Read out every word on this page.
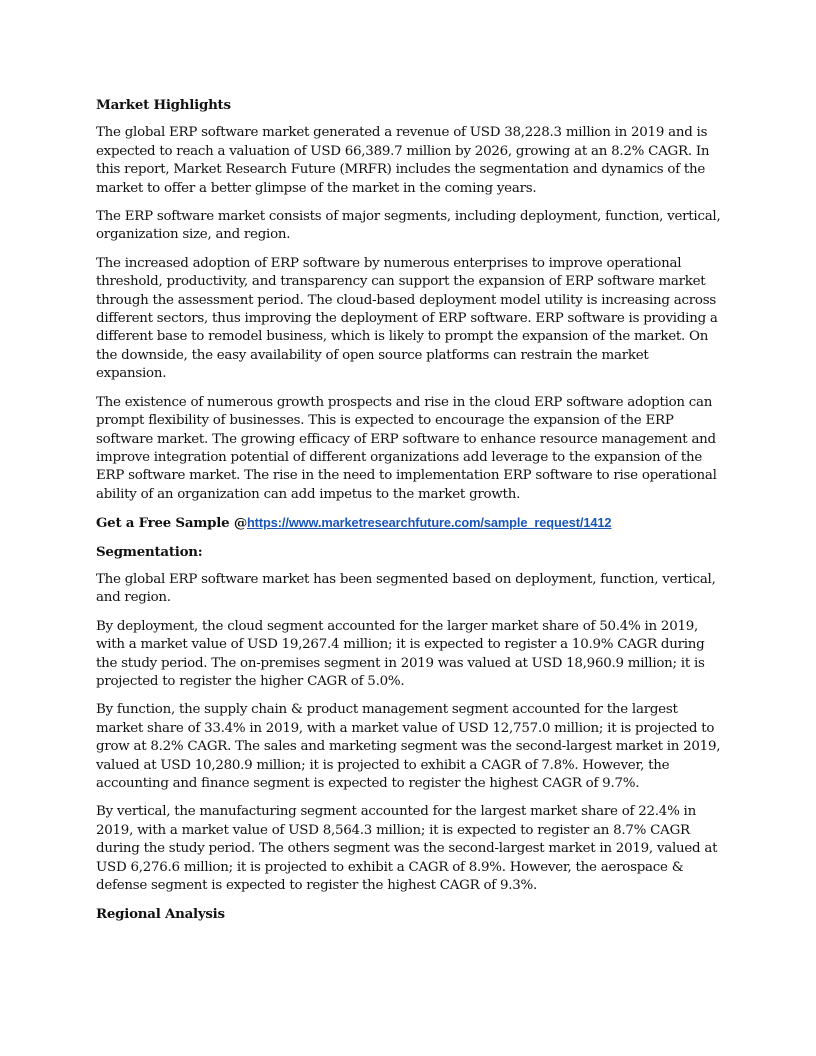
Market Highlights

The global ERP software market generated a revenue of USD 38,228.3 million in 2019 and is expected to reach a valuation of USD 66,389.7 million by 2026, growing at an 8.2% CAGR. In this report, Market Research Future (MRFR) includes the segmentation and dynamics of the market to offer a better glimpse of the market in the coming years.

The ERP software market consists of major segments, including deployment, function, vertical, organization size, and region.

The increased adoption of ERP software by numerous enterprises to improve operational threshold, productivity, and transparency can support the expansion of ERP software market through the assessment period. The cloud-based deployment model utility is increasing across different sectors, thus improving the deployment of ERP software. ERP software is providing a different base to remodel business, which is likely to prompt the expansion of the market. On the downside, the easy availability of open source platforms can restrain the market expansion.

The existence of numerous growth prospects and rise in the cloud ERP software adoption can prompt flexibility of businesses. This is expected to encourage the expansion of the ERP software market. The growing efficacy of ERP software to enhance resource management and improve integration potential of different organizations add leverage to the expansion of the ERP software market. The rise in the need to implementation ERP software to rise operational ability of an organization can add impetus to the market growth.

Get a Free Sample @https://www.marketresearchfuture.com/sample_request/1412

Segmentation:

The global ERP software market has been segmented based on deployment, function, vertical, and region.

By deployment, the cloud segment accounted for the larger market share of 50.4% in 2019, with a market value of USD 19,267.4 million; it is expected to register a 10.9% CAGR during the study period. The on-premises segment in 2019 was valued at USD 18,960.9 million; it is projected to register the higher CAGR of 5.0%.

By function, the supply chain & product management segment accounted for the largest market share of 33.4% in 2019, with a market value of USD 12,757.0 million; it is projected to grow at 8.2% CAGR. The sales and marketing segment was the second-largest market in 2019, valued at USD 10,280.9 million; it is projected to exhibit a CAGR of 7.8%. However, the accounting and finance segment is expected to register the highest CAGR of 9.7%.

By vertical, the manufacturing segment accounted for the largest market share of 22.4% in 2019, with a market value of USD 8,564.3 million; it is expected to register an 8.7% CAGR during the study period. The others segment was the second-largest market in 2019, valued at USD 6,276.6 million; it is projected to exhibit a CAGR of 8.9%. However, the aerospace & defense segment is expected to register the highest CAGR of 9.3%.

Regional Analysis
